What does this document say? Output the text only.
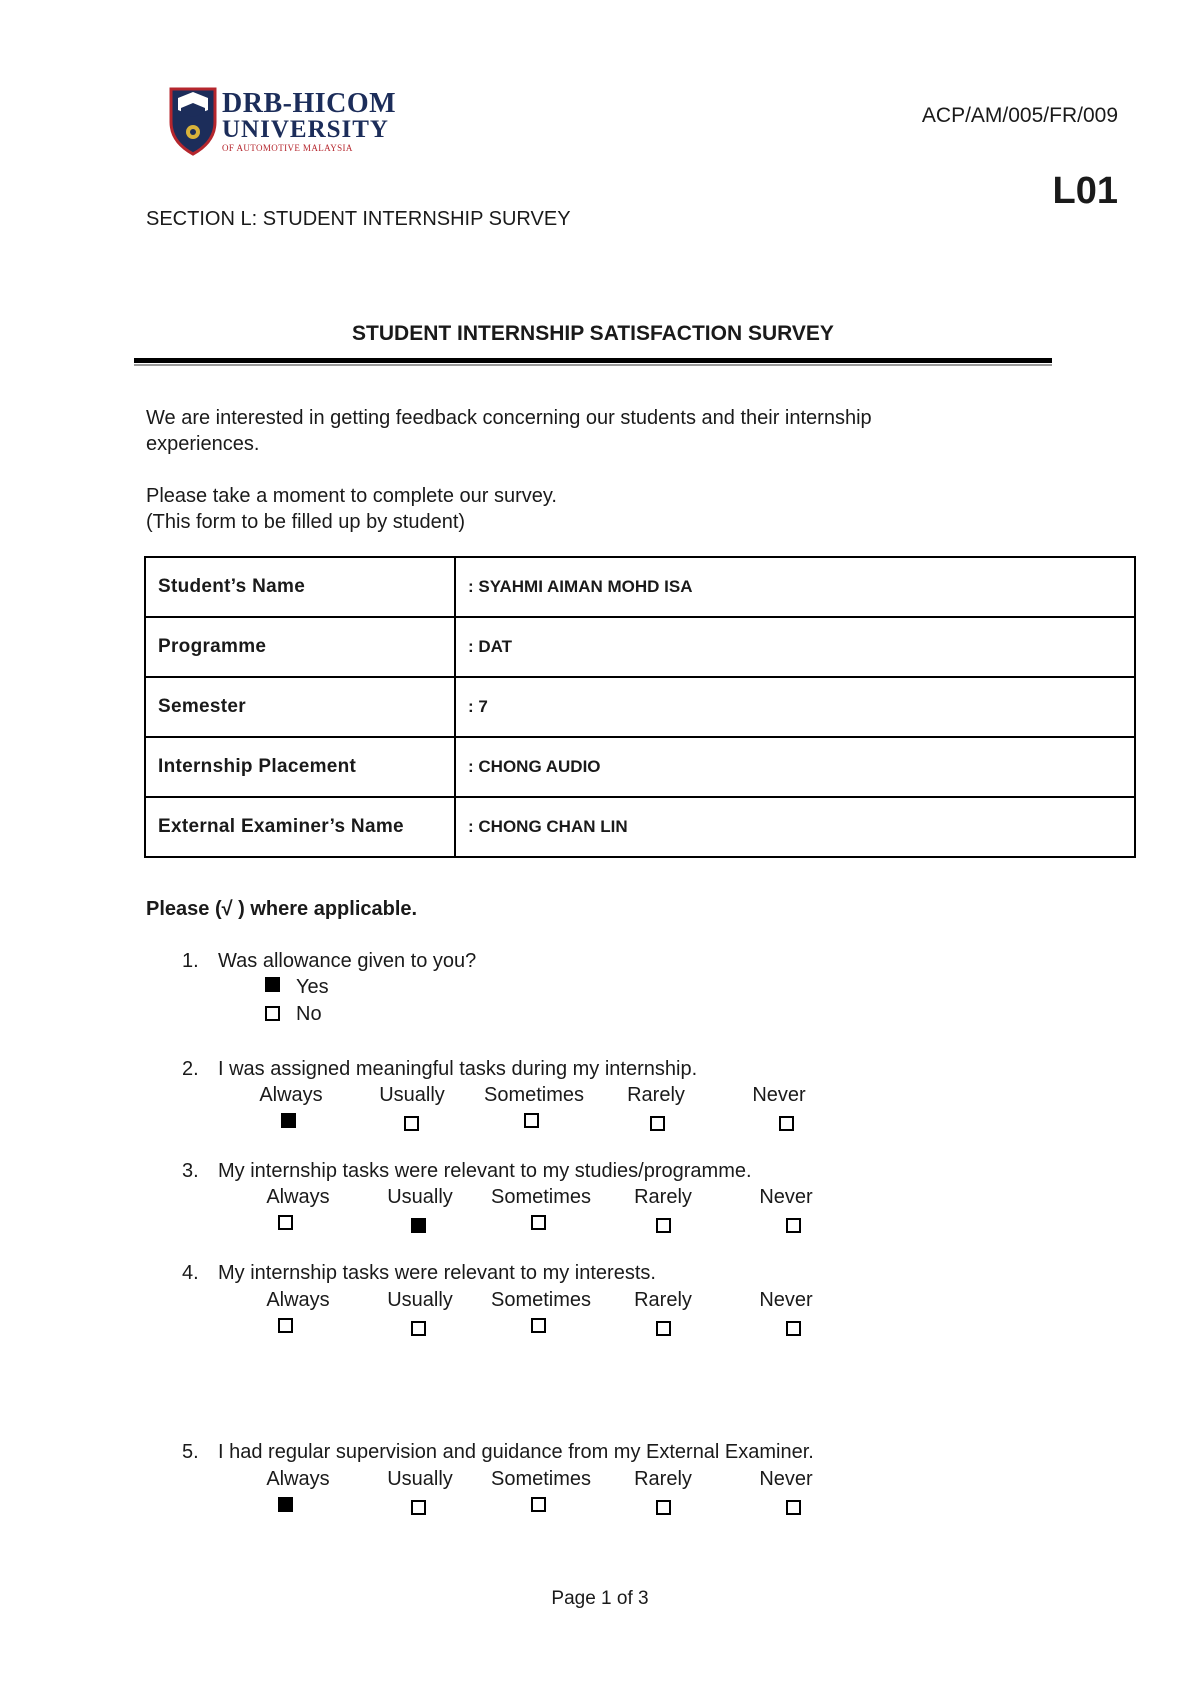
DRB-HICOM
UNIVERSITY
OF AUTOMOTIVE MALAYSIA
ACP/AM/005/FR/009
L01
SECTION L: STUDENT INTERNSHIP SURVEY
STUDENT INTERNSHIP SATISFACTION SURVEY
We are interested in getting feedback concerning our students and their internship
experiences.
Please take a moment to complete our survey.
(This form to be filled up by student)
Student’s Name	: SYAHMI AIMAN MOHD ISA
Programme	: DAT
Semester	: 7
Internship Placement	: CHONG AUDIO
External Examiner’s Name	: CHONG CHAN LIN
Please (√ ) where applicable.
1. Was allowance given to you?
Yes
No
2. I was assigned meaningful tasks during my internship.
Always	Usually	Sometimes	Rarely	Never
3. My internship tasks were relevant to my studies/programme.
Always	Usually	Sometimes	Rarely	Never
4. My internship tasks were relevant to my interests.
Always	Usually	Sometimes	Rarely	Never
5. I had regular supervision and guidance from my External Examiner.
Always	Usually	Sometimes	Rarely	Never
Page 1 of 3
